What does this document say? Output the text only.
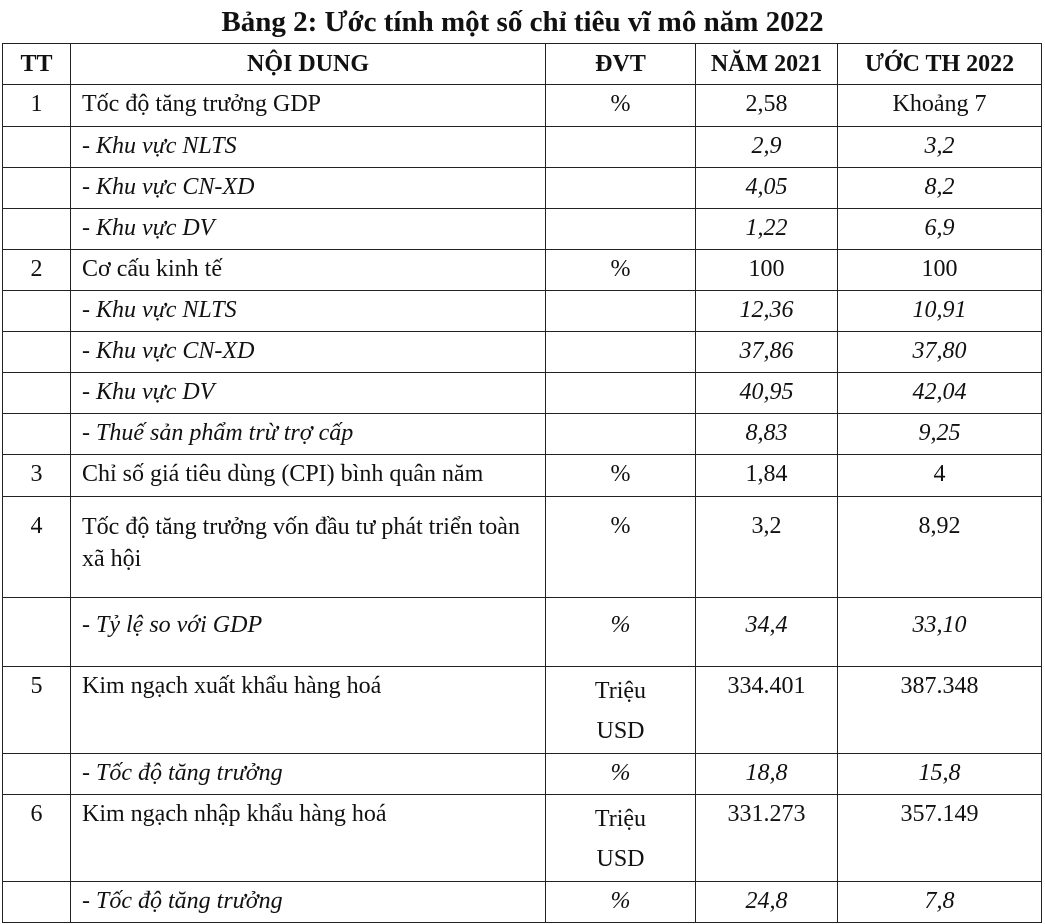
Bảng 2: Ước tính một số chỉ tiêu vĩ mô năm 2022
TT	NỘI DUNG	ĐVT	NĂM 2021	ƯỚC TH 2022
1	Tốc độ tăng trưởng GDP	%	2,58	Khoảng 7
	- Khu vực NLTS		2,9	3,2
	- Khu vực CN-XD		4,05	8,2
	- Khu vực DV		1,22	6,9
2	Cơ cấu kinh tế	%	100	100
	- Khu vực NLTS		12,36	10,91
	- Khu vực CN-XD		37,86	37,80
	- Khu vực DV		40,95	42,04
	- Thuế sản phẩm trừ trợ cấp		8,83	9,25
3	Chỉ số giá tiêu dùng (CPI) bình quân năm	%	1,84	4
4	Tốc độ tăng trưởng vốn đầu tư phát triển toàn xã hội	%	3,2	8,92
	- Tỷ lệ so với GDP	%	34,4	33,10
5	Kim ngạch xuất khẩu hàng hoá	Triệu USD	334.401	387.348
	- Tốc độ tăng trưởng	%	18,8	15,8
6	Kim ngạch nhập khẩu hàng hoá	Triệu USD	331.273	357.149
	- Tốc độ tăng trưởng	%	24,8	7,8
